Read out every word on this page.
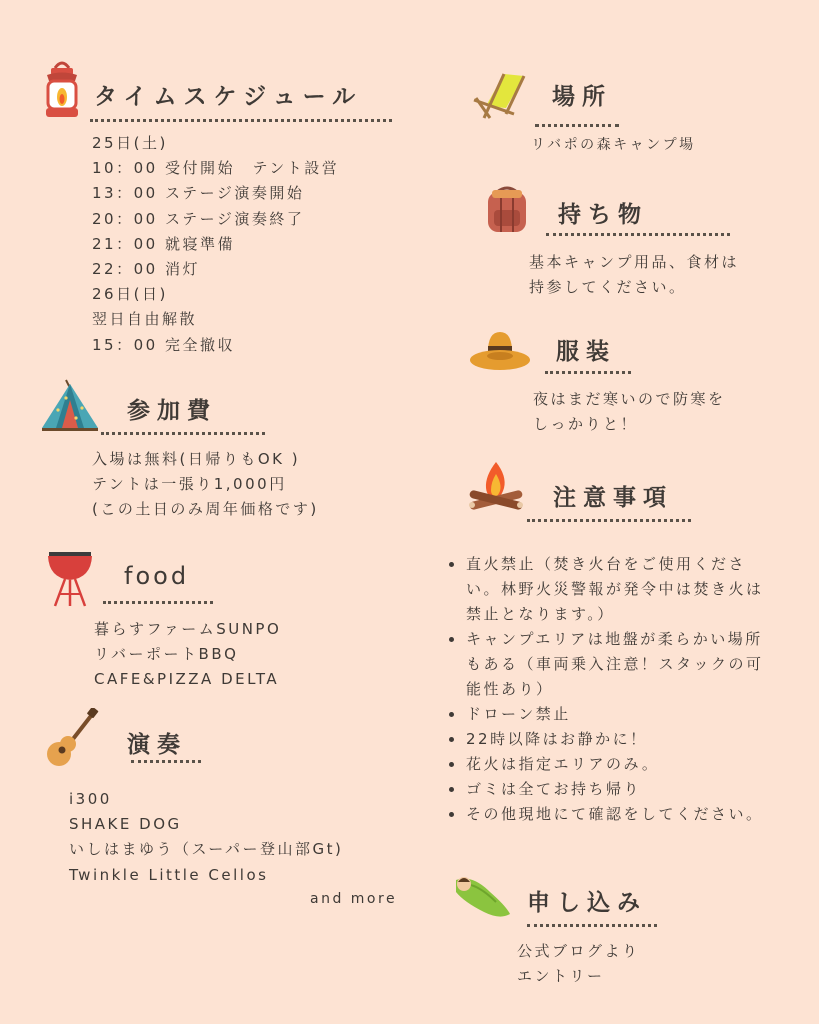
タイムスケジュール
25日(土)
10：00 受付開始　テント設営
13：00 ステージ演奏開始
20：00 ステージ演奏終了
21：00 就寝準備
22：00 消灯
26日(日)
翌日自由解散
15：00 完全撤収
参加費
入場は無料(日帰りもOK )
テントは一張り1,000円
(この土日のみ周年価格です)
food
暮らすファームSUNPO
リバーポートBBQ
CAFE&PIZZA DELTA
演奏
i300
SHAKE DOG
いしはまゆう（スーパー登山部Gt)
Twinkle Little Cellos
and more
場所
リバポの森キャンプ場
持ち物
基本キャンプ用品、食材は
持参してください。
服装
夜はまだ寒いので防寒を
しっかりと！
注意事項
直火禁止（焚き火台をご使用ください。林野火災警報が発令中は焚き火は禁止となります。）
キャンプエリアは地盤が柔らかい場所もある（車両乗入注意！スタックの可能性あり）
ドローン禁止
22時以降はお静かに！
花火は指定エリアのみ。
ゴミは全てお持ち帰り
その他現地にて確認をしてください。
申し込み
公式ブログより
エントリー
